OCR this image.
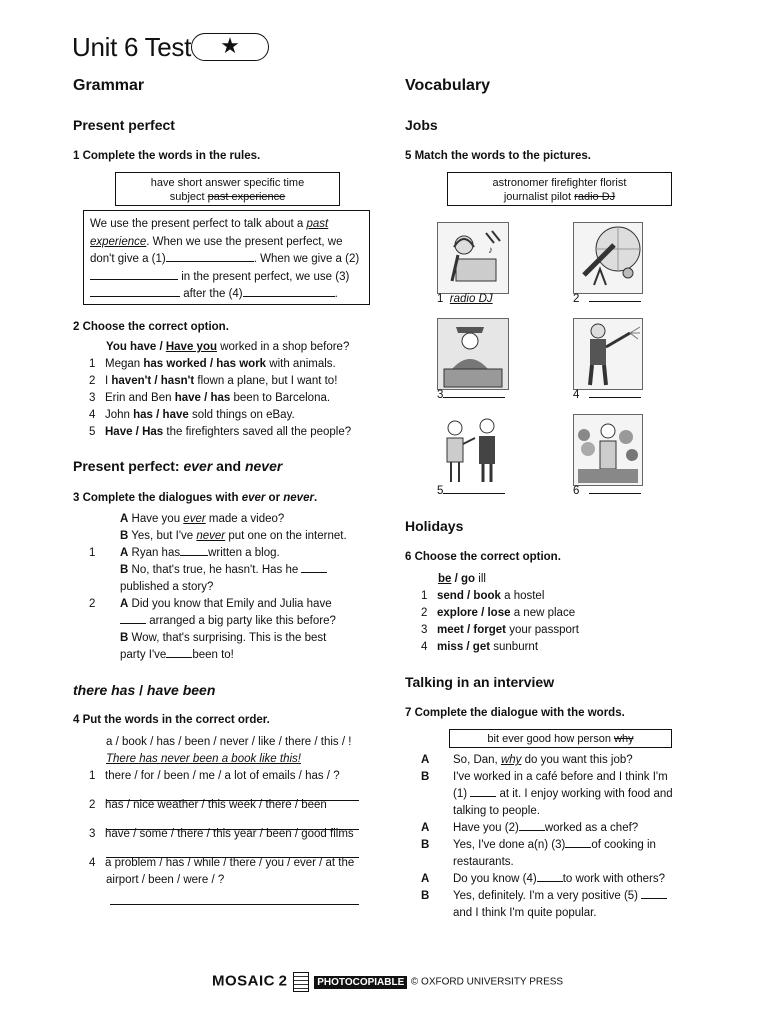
Unit 6 Test	★
Grammar
Present perfect
1 Complete the words in the rules.
have short answer specific time
subject past experience
We use the present perfect to talk about a past experience. When we use the present perfect, we don't give a (1)	. When we give a (2)  in the present perfect, we use (3)  after the (4)	.
2 Choose the correct option.
You have / Have you worked in a shop before?
1 Megan has worked / has work with animals.
2 I haven't / hasn't flown a plane, but I want to!
3 Erin and Ben have / has been to Barcelona.
4 John has / have sold things on eBay.
5 Have / Has the firefighters saved all the people?
Present perfect: ever and never
3 Complete the dialogues with ever or never.
A Have you ever made a video?
B Yes, but I've never put one on the internet.
1 A Ryan has written a blog.
B No, that's true, he hasn't. Has he
published a story?
2 A Did you know that Emily and Julia have
arranged a big party like this before?
B Wow, that's surprising. This is the best
party I've been to!
there has / have been
4 Put the words in the correct order.
a / book / has / been / never / like / there / this / !
There has never been a book like this!
1 there / for / been / me / a lot of emails / has / ?
2 has / nice weather / this week / there / been
3 have / some / there / this year / been / good films
4 a problem / has / while / there / you / ever / at the
airport / been / were / ?
Vocabulary
Jobs
5 Match the words to the pictures.
astronomer firefighter florist
journalist pilot radio DJ
♪
1 radio DJ	2
3	4
5	6
Holidays
6 Choose the correct option.
be / go ill
1 send / book a hostel
2 explore / lose a new place
3 meet / forget your passport
4 miss / get sunburnt
Talking in an interview
7 Complete the dialogue with the words.
bit ever good how person why
A So, Dan, why do you want this job?
B I've worked in a café before and I think I'm
(1)  at it. I enjoy working with food and
talking to people.
A Have you (2) worked as a chef?
B Yes, I've done a(n) (3) of cooking in
restaurants.
A Do you know (4) to work with others?
B Yes, definitely. I'm a very positive (5)
and I think I'm quite popular.
MOSAIC 2	PHOTOCOPIABLE © OXFORD UNIVERSITY PRESS
